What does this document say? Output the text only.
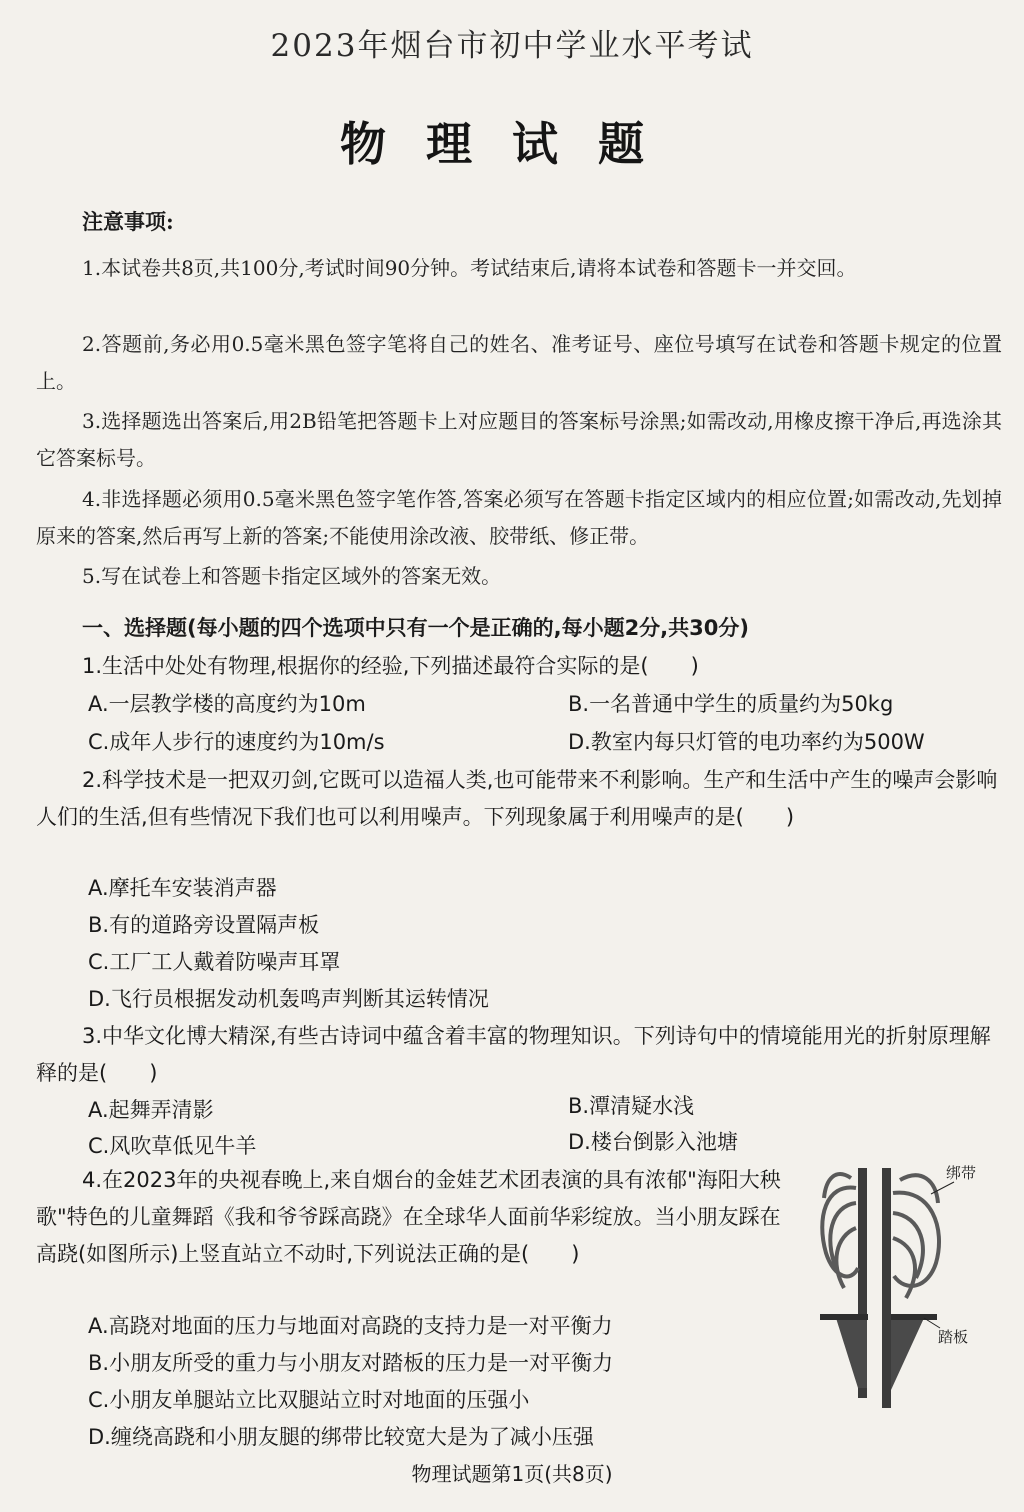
2023年烟台市初中学业水平考试
物理试题
注意事项:
1.本试卷共8页,共100分,考试时间90分钟。考试结束后,请将本试卷和答题卡一并交回。
2.答题前,务必用0.5毫米黑色签字笔将自己的姓名、准考证号、座位号填写在试卷和答题卡规定的位置上。
3.选择题选出答案后,用2B铅笔把答题卡上对应题目的答案标号涂黑;如需改动,用橡皮擦干净后,再选涂其它答案标号。
4.非选择题必须用0.5毫米黑色签字笔作答,答案必须写在答题卡指定区域内的相应位置;如需改动,先划掉原来的答案,然后再写上新的答案;不能使用涂改液、胶带纸、修正带。
5.写在试卷上和答题卡指定区域外的答案无效。
一、选择题(每小题的四个选项中只有一个是正确的,每小题2分,共30分)
1.生活中处处有物理,根据你的经验,下列描述最符合实际的是(　　)
A.一层教学楼的高度约为10m	B.一名普通中学生的质量约为50kg
C.成年人步行的速度约为10m/s	D.教室内每只灯管的电功率约为500W
2.科学技术是一把双刃剑,它既可以造福人类,也可能带来不利影响。生产和生活中产生的噪声会影响人们的生活,但有些情况下我们也可以利用噪声。下列现象属于利用噪声的是(　　)
A.摩托车安装消声器
B.有的道路旁设置隔声板
C.工厂工人戴着防噪声耳罩
D.飞行员根据发动机轰鸣声判断其运转情况
3.中华文化博大精深,有些古诗词中蕴含着丰富的物理知识。下列诗句中的情境能用光的折射原理解释的是(　　)
A.起舞弄清影	B.潭清疑水浅
C.风吹草低见牛羊	D.楼台倒影入池塘
4.在2023年的央视春晚上,来自烟台的金娃艺术团表演的具有浓郁"海阳大秧歌"特色的儿童舞蹈《我和爷爷踩高跷》在全球华人面前华彩绽放。当小朋友踩在高跷(如图所示)上竖直站立不动时,下列说法正确的是(　　)
A.高跷对地面的压力与地面对高跷的支持力是一对平衡力
B.小朋友所受的重力与小朋友对踏板的压力是一对平衡力
C.小朋友单腿站立比双腿站立时对地面的压强小
D.缠绕高跷和小朋友腿的绑带比较宽大是为了减小压强
绑带
踏板
物理试题第1页(共8页)
